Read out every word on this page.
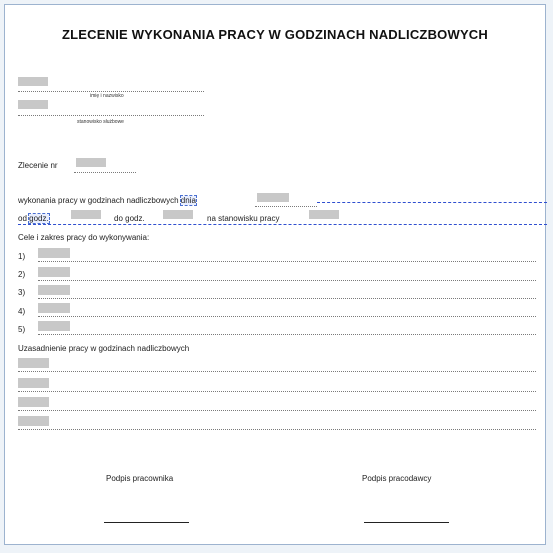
ZLECENIE WYKONANIA PRACY W GODZINACH NADLICZBOWYCH
imię i nazwisko
stanowisko służbowe
Zlecenie nr
wykonania pracy w godzinach nadliczbowych dnia
od godz.	do godz.	na stanowisku pracy
Cele i zakres pracy do wykonywania:
1)
2)
3)
4)
5)
Uzasadnienie pracy w godzinach nadliczbowych
Podpis pracownika	Podpis pracodawcy
